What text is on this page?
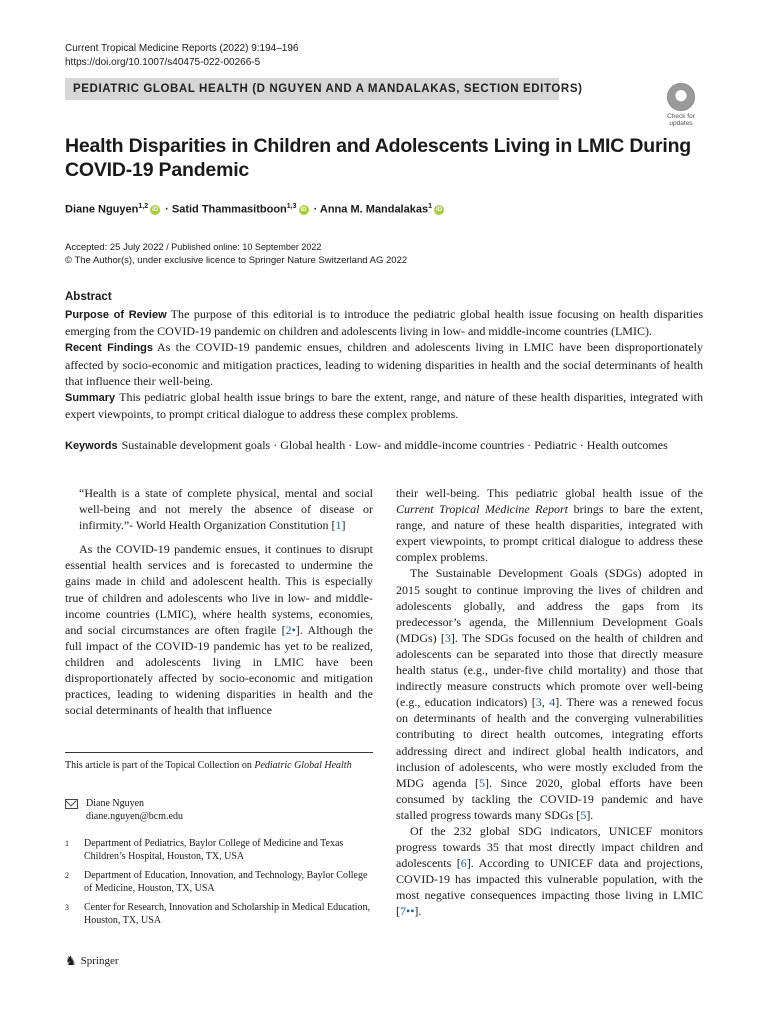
Current Tropical Medicine Reports (2022) 9:194–196
https://doi.org/10.1007/s40475-022-00266-5
PEDIATRIC GLOBAL HEALTH (D NGUYEN AND A MANDALAKAS, SECTION EDITORS)
Check for
updates
Health Disparities in Children and Adolescents Living in LMIC During COVID-19 Pandemic
Diane Nguyen$^{1,2}$ iD · Satid Thammasitboon$^{1,3}$ iD · Anna M. Mandalakas$^1$ iD
Accepted: 25 July 2022 / Published online: 10 September 2022
© The Author(s), under exclusive licence to Springer Nature Switzerland AG 2022
Abstract

Purpose of Review The purpose of this editorial is to introduce the pediatric global health issue focusing on health disparities emerging from the COVID-19 pandemic on children and adolescents living in low- and middle-income countries (LMIC).

Recent Findings As the COVID-19 pandemic ensues, children and adolescents living in LMIC have been disproportionately affected by socio-economic and mitigation practices, leading to widening disparities in health and the social determinants of health that influence their well-being.

Summary This pediatric global health issue brings to bare the extent, range, and nature of these health disparities, integrated with expert viewpoints, to prompt critical dialogue to address these complex problems.

Keywords Sustainable development goals · Global health · Low- and middle-income countries · Pediatric · Health outcomes

“Health is a state of complete physical, mental and social well-being and not merely the absence of disease or infirmity.”- World Health Organization Constitution [1]

As the COVID-19 pandemic ensues, it continues to disrupt essential health services and is forecasted to undermine the gains made in child and adolescent health. This is especially true of children and adolescents who live in low- and middle-income countries (LMIC), where health systems, economies, and social circumstances are often fragile [2•]. Although the full impact of the COVID-19 pandemic has yet to be realized, children and adolescents living in LMIC have been disproportionately affected by socio-economic and mitigation practices, leading to widening disparities in health and the social determinants of health that influence

their well-being. This pediatric global health issue of the Current Tropical Medicine Report brings to bare the extent, range, and nature of these health disparities, integrated with expert viewpoints, to prompt critical dialogue to address these complex problems.

The Sustainable Development Goals (SDGs) adopted in 2015 sought to continue improving the lives of children and adolescents globally, and address the gaps from its predecessor’s agenda, the Millennium Development Goals (MDGs) [3]. The SDGs focused on the health of children and adolescents can be separated into those that directly measure health status (e.g., under-five child mortality) and those that indirectly measure constructs which promote over well-being (e.g., education indicators) [3, 4]. There was a renewed focus on determinants of health and the converging vulnerabilities contributing to direct health outcomes, integrating efforts addressing direct and indirect global health indicators, and inclusion of adolescents, who were mostly excluded from the MDG agenda [5]. Since 2020, global efforts have been consumed by tackling the COVID-19 pandemic and have stalled progress towards many SDGs [5].

Of the 232 global SDG indicators, UNICEF monitors progress towards 35 that most directly impact children and adolescents [6]. According to UNICEF data and projections, COVID-19 has impacted this vulnerable population, with the most negative consequences impacting those living in LMIC [7••].

This article is part of the Topical Collection on Pediatric Global Health
Diane Nguyen
diane.nguyen@bcm.edu
1	Department of Pediatrics, Baylor College of Medicine and Texas Children’s Hospital, Houston, TX, USA
2	Department of Education, Innovation, and Technology, Baylor College of Medicine, Houston, TX, USA
3	Center for Research, Innovation and Scholarship in Medical Education, Houston, TX, USA
♞ Springer
